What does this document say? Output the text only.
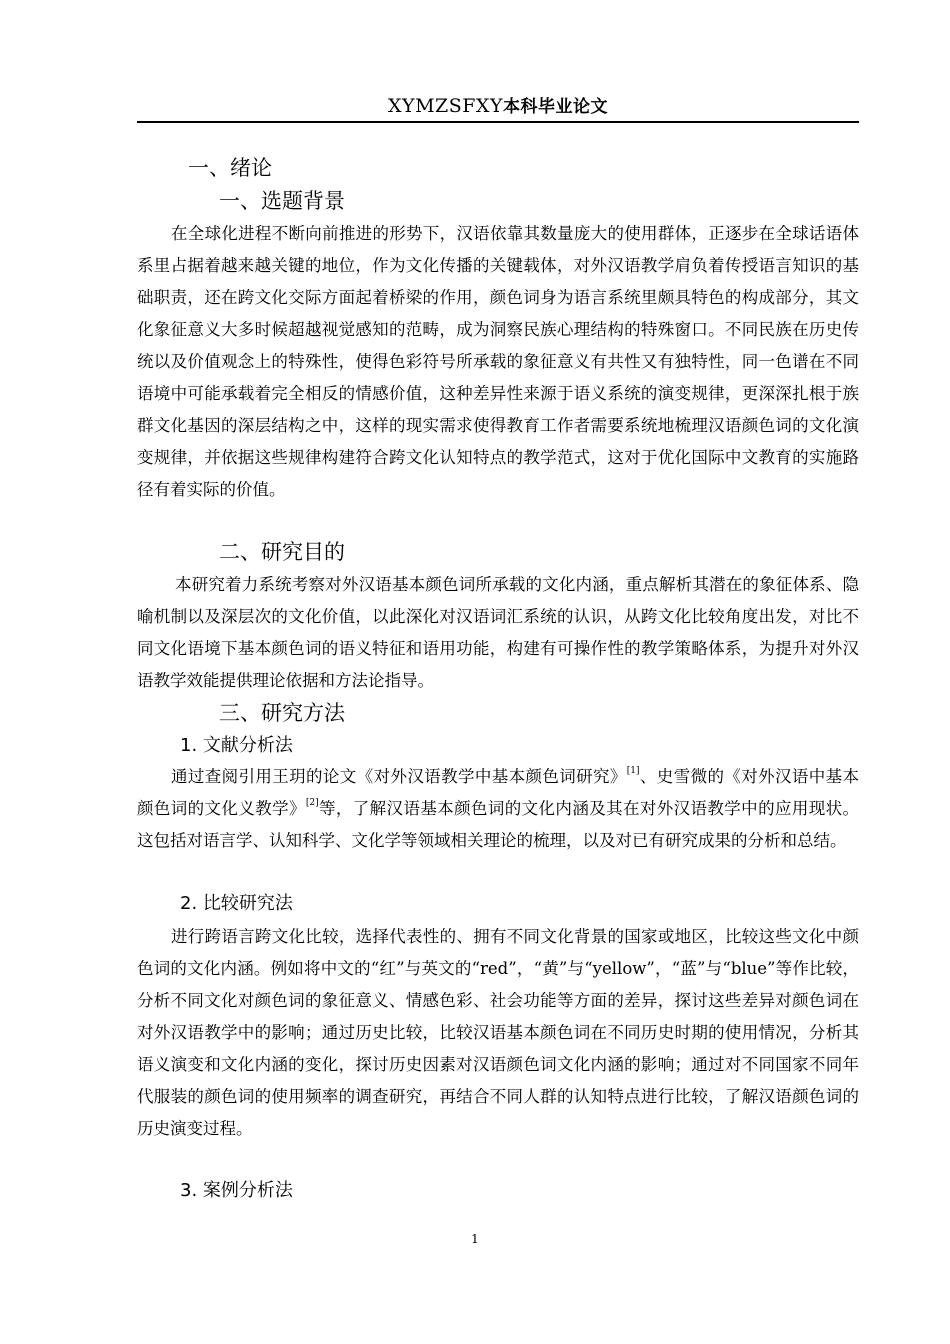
XYMZSFXY本科毕业论文
一、绪论
一、选题背景

在全球化进程不断向前推进的形势下，汉语依靠其数量庞大的使用群体，正逐步在全球话语体系里占据着越来越关键的地位，作为文化传播的关键载体，对外汉语教学肩负着传授语言知识的基础职责，还在跨文化交际方面起着桥梁的作用，颜色词身为语言系统里颇具特色的构成部分，其文化象征意义大多时候超越视觉感知的范畴，成为洞察民族心理结构的特殊窗口。不同民族在历史传统以及价值观念上的特殊性，使得色彩符号所承载的象征意义有共性又有独特性，同一色谱在不同语境中可能承载着完全相反的情感价值，这种差异性来源于语义系统的演变规律，更深深扎根于族群文化基因的深层结构之中，这样的现实需求使得教育工作者需要系统地梳理汉语颜色词的文化演变规律，并依据这些规律构建符合跨文化认知特点的教学范式，这对于优化国际中文教育的实施路径有着实际的价值。

二、研究目的

本研究着力系统考察对外汉语基本颜色词所承载的文化内涵，重点解析其潜在的象征体系、隐喻机制以及深层次的文化价值，以此深化对汉语词汇系统的认识，从跨文化比较角度出发，对比不同文化语境下基本颜色词的语义特征和语用功能，构建有可操作性的教学策略体系，为提升对外汉语教学效能提供理论依据和方法论指导。

三、研究方法
1. 文献分析法

通过查阅引用王玥的论文《对外汉语教学中基本颜色词研究》[1]、史雪微的《对外汉语中基本颜色词的文化义教学》[2]等，了解汉语基本颜色词的文化内涵及其在对外汉语教学中的应用现状。这包括对语言学、认知科学、文化学等领域相关理论的梳理，以及对已有研究成果的分析和总结。

2. 比较研究法

进行跨语言跨文化比较，选择代表性的、拥有不同文化背景的国家或地区，比较这些文化中颜色词的文化内涵。例如将中文的“红”与英文的“red”，“黄”与“yellow”，“蓝”与“blue”等作比较，分析不同文化对颜色词的象征意义、情感色彩、社会功能等方面的差异，探讨这些差异对颜色词在对外汉语教学中的影响；通过历史比较，比较汉语基本颜色词在不同历史时期的使用情况，分析其语义演变和文化内涵的变化，探讨历史因素对汉语颜色词文化内涵的影响；通过对不同国家不同年代服装的颜色词的使用频率的调查研究，再结合不同人群的认知特点进行比较，了解汉语颜色词的历史演变过程。

3. 案例分析法
1
